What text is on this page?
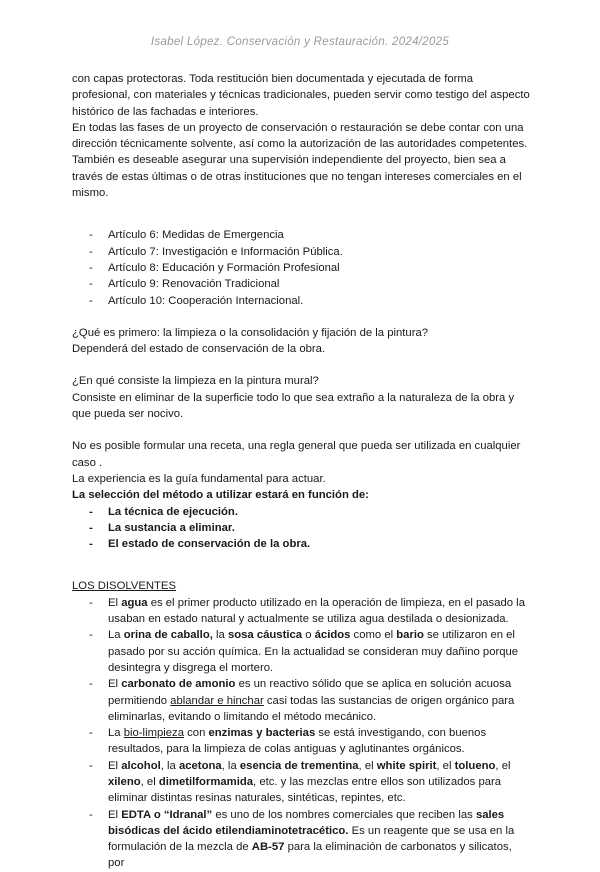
Isabel López. Conservación y Restauración. 2024/2025

con capas protectoras. Toda restitución bien documentada y ejecutada de forma profesional, con materiales y técnicas tradicionales, pueden servir como testigo del aspecto histórico de las fachadas e interiores.

En todas las fases de un proyecto de conservación o restauración se debe contar con una dirección técnicamente solvente, así como la autorización de las autoridades competentes.

También es deseable asegurar una supervisión independiente del proyecto, bien sea a través de estas últimas o de otras instituciones que no tengan intereses comerciales en el mismo.

- Artículo 6: Medidas de Emergencia
- Artículo 7: Investigación e Información Pública.
- Artículo 8: Educación y Formación Profesional
- Artículo 9: Renovación Tradicional
- Artículo 10: Cooperación Internacional.

¿Qué es primero: la limpieza o la consolidación y fijación de la pintura?

Dependerá del estado de conservación de la obra.

¿En qué consiste la limpieza en la pintura mural?

Consiste en eliminar de la superficie todo lo que sea extraño a la naturaleza de la obra y que pueda ser nocivo.

No es posible formular una receta, una regla general que pueda ser utilizada en cualquier caso .

La experiencia es la guía fundamental para actuar.

La selección del método a utilizar estará en función de:

- La técnica de ejecución.
- La sustancia a eliminar.
- El estado de conservación de la obra.

LOS DISOLVENTES

- El agua es el primer producto utilizado en la operación de limpieza, en el pasado la usaban en estado natural y actualmente se utiliza agua destilada o desionizada.
- La orina de caballo, la sosa cáustica o ácidos como el bario se utilizaron en el pasado por su acción química. En la actualidad se consideran muy dañino porque desintegra y disgrega el mortero.
- El carbonato de amonio es un reactivo sólido que se aplica en solución acuosa permitiendo ablandar e hinchar casi todas las sustancias de origen orgánico para eliminarlas, evitando o limitando el método mecánico.
- La bio-limpieza con enzimas y bacterias se está investigando, con buenos resultados, para la limpieza de colas antiguas y aglutinantes orgánicos.
- El alcohol, la acetona, la esencia de trementina, el white spirit, el tolueno, el xileno, el dimetilformamida, etc. y las mezclas entre ellos son utilizados para eliminar distintas resinas naturales, sintéticas, repintes, etc.
- El EDTA o “Idranal” es uno de los nombres comerciales que reciben las sales bisódicas del ácido etilendiaminotetracético. Es un reagente que se usa en la formulación de la mezcla de AB-57 para la eliminación de carbonatos y silicatos, por
